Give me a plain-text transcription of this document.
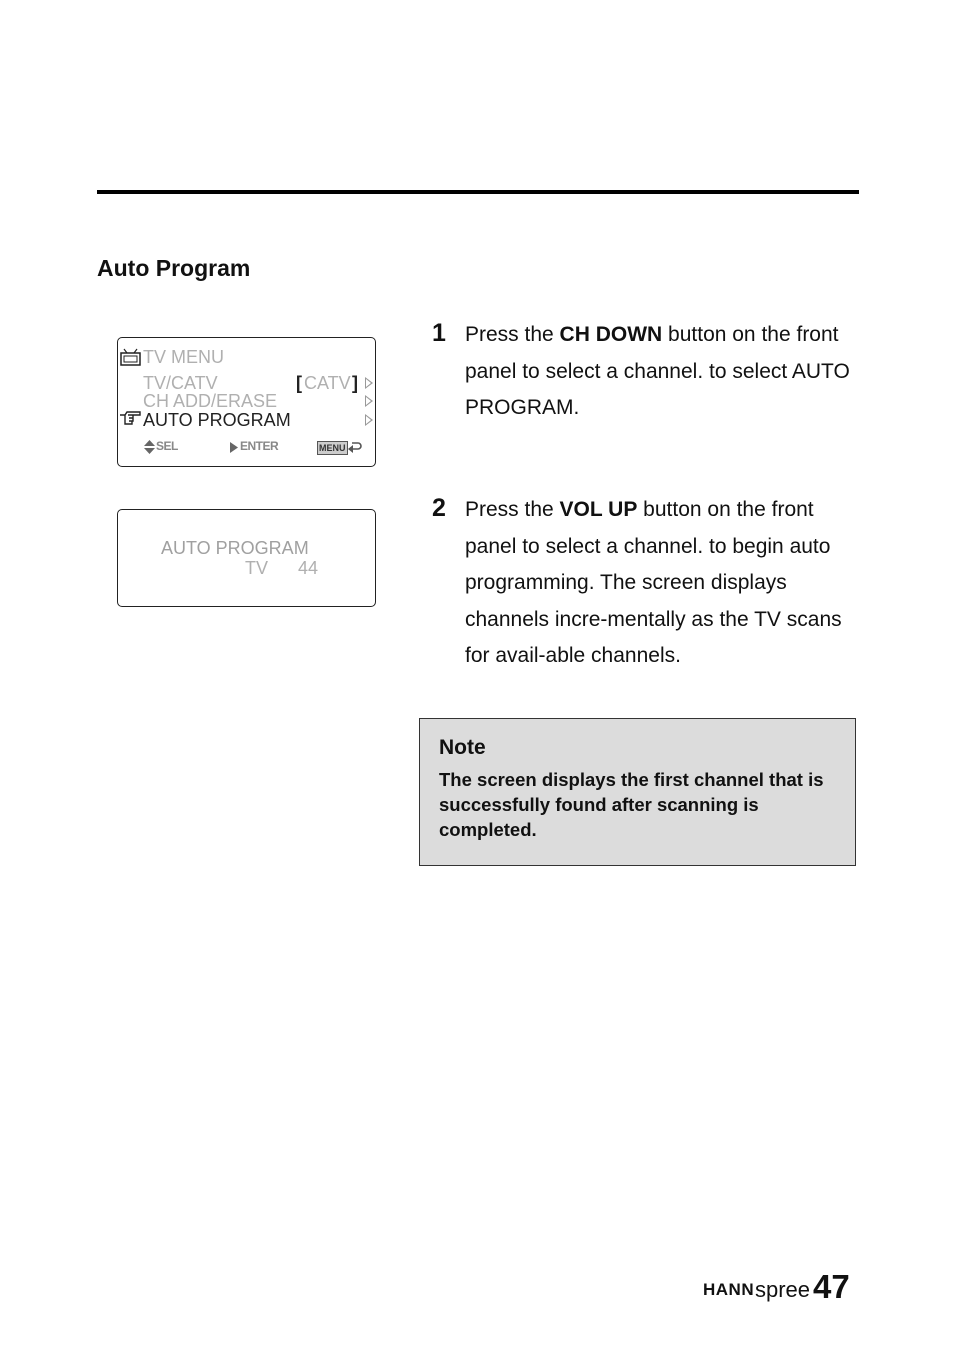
Auto Program
TV MENU
TV/CATV	[ CATV ]
CH ADD/ERASE
AUTO PROGRAM
SEL	ENTER	MENU
AUTO PROGRAM
TV 44
1 Press the CH DOWN button on the front panel to select a channel. to select AUTO PROGRAM.
2 Press the VOL UP button on the front panel to select a channel. to begin auto programming. The screen displays channels incre-mentally as the TV scans for avail-able channels.
Note
The screen displays the first channel that is successfully found after scanning is completed.
HANN spree 47
